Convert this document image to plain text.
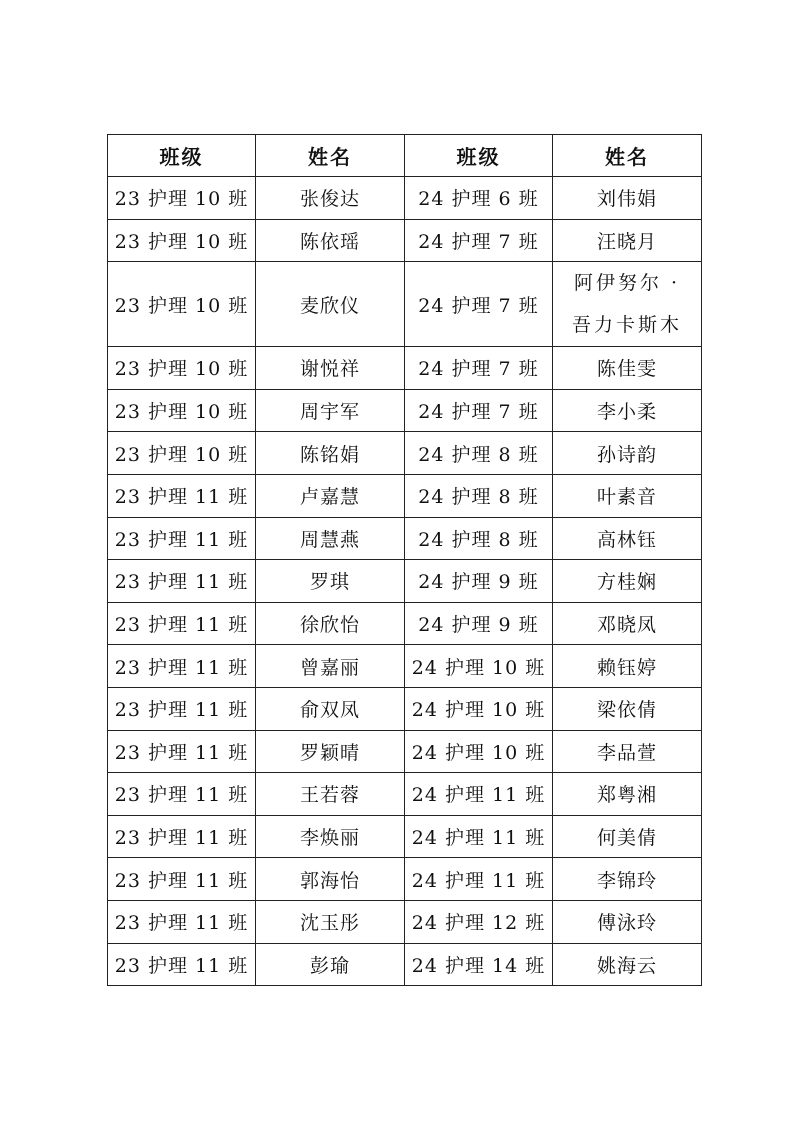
班级	姓名	班级	姓名
23 护理 10 班	张俊达	24 护理 6 班	刘伟娟
23 护理 10 班	陈依瑶	24 护理 7 班	汪晓月
23 护理 10 班	麦欣仪	24 护理 7 班	阿伊努尔 · 吾力卡斯木
23 护理 10 班	谢悦祥	24 护理 7 班	陈佳雯
23 护理 10 班	周宇军	24 护理 7 班	李小柔
23 护理 10 班	陈铭娟	24 护理 8 班	孙诗韵
23 护理 11 班	卢嘉慧	24 护理 8 班	叶素音
23 护理 11 班	周慧燕	24 护理 8 班	高林钰
23 护理 11 班	罗琪	24 护理 9 班	方桂娴
23 护理 11 班	徐欣怡	24 护理 9 班	邓晓凤
23 护理 11 班	曾嘉丽	24 护理 10 班	赖钰婷
23 护理 11 班	俞双凤	24 护理 10 班	梁依倩
23 护理 11 班	罗颖晴	24 护理 10 班	李品萱
23 护理 11 班	王若蓉	24 护理 11 班	郑粤湘
23 护理 11 班	李焕丽	24 护理 11 班	何美倩
23 护理 11 班	郭海怡	24 护理 11 班	李锦玲
23 护理 11 班	沈玉彤	24 护理 12 班	傅泳玲
23 护理 11 班	彭瑜	24 护理 14 班	姚海云
